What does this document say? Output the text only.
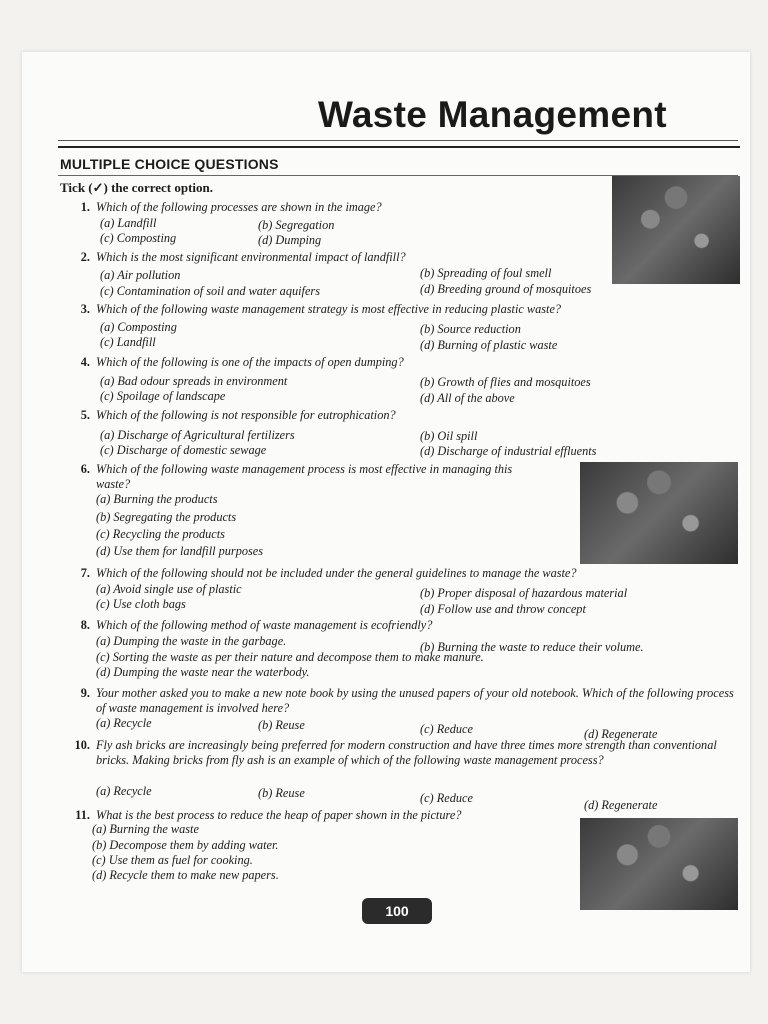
Waste Management
MULTIPLE CHOICE QUESTIONS
Tick (✓) the correct option.
1. Which of the following processes are shown in the image?
(a) Landfill	(b) Segregation
(c) Composting	(d) Dumping
2. Which is the most significant environmental impact of landfill?
(a) Air pollution	(b) Spreading of foul smell
(c) Contamination of soil and water aquifers	(d) Breeding ground of mosquitoes
3. Which of the following waste management strategy is most effective in reducing plastic waste?
(a) Composting	(b) Source reduction
(c) Landfill	(d) Burning of plastic waste
4. Which of the following is one of the impacts of open dumping?
(a) Bad odour spreads in environment	(b) Growth of flies and mosquitoes
(c) Spoilage of landscape	(d) All of the above
5. Which of the following is not responsible for eutrophication?
(a) Discharge of Agricultural fertilizers	(b) Oil spill
(c) Discharge of domestic sewage	(d) Discharge of industrial effluents
6. Which of the following waste management process is most effective in managing this waste?
(a) Burning the products
(b) Segregating the products
(c) Recycling the products
(d) Use them for landfill purposes
7. Which of the following should not be included under the general guidelines to manage the waste?
(a) Avoid single use of plastic	(b) Proper disposal of hazardous material
(c) Use cloth bags	(d) Follow use and throw concept
8. Which of the following method of waste management is ecofriendly?
(a) Dumping the waste in the garbage.	(b) Burning the waste to reduce their volume.
(c) Sorting the waste as per their nature and decompose them to make manure.
(d) Dumping the waste near the waterbody.
9. Your mother asked you to make a new note book by using the unused papers of your old notebook. Which of the following process of waste management is involved here?
(a) Recycle	(b) Reuse	(c) Reduce	(d) Regenerate
10. Fly ash bricks are increasingly being preferred for modern construction and have three times more strength than conventional bricks. Making bricks from fly ash is an example of which of the following waste management process?
(a) Recycle	(b) Reuse	(c) Reduce	(d) Regenerate
11. What is the best process to reduce the heap of paper shown in the picture?
(a) Burning the waste
(b) Decompose them by adding water.
(c) Use them as fuel for cooking.
(d) Recycle them to make new papers.
100
